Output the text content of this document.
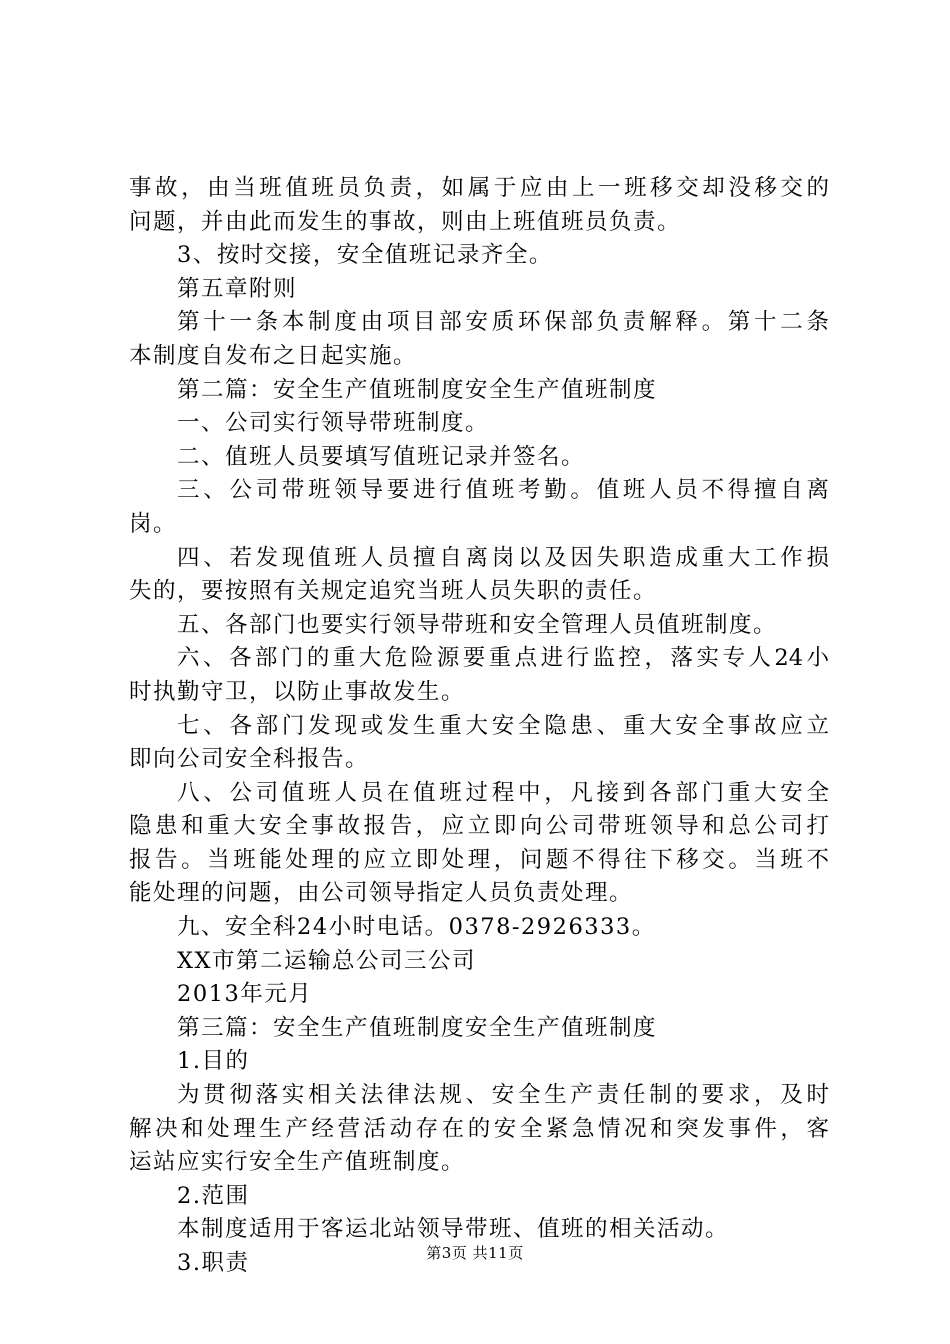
事故，由当班值班员负责，如属于应由上一班移交却没移交的
问题，并由此而发生的事故，则由上班值班员负责。
3、按时交接，安全值班记录齐全。
第五章附则
第十一条本制度由项目部安质环保部负责解释。第十二条
本制度自发布之日起实施。
第二篇：安全生产值班制度安全生产值班制度
一、公司实行领导带班制度。
二、值班人员要填写值班记录并签名。
三、公司带班领导要进行值班考勤。值班人员不得擅自离
岗。
四、若发现值班人员擅自离岗以及因失职造成重大工作损
失的，要按照有关规定追究当班人员失职的责任。
五、各部门也要实行领导带班和安全管理人员值班制度。
六、各部门的重大危险源要重点进行监控，落实专人24小
时执勤守卫，以防止事故发生。
七、各部门发现或发生重大安全隐患、重大安全事故应立
即向公司安全科报告。
八、公司值班人员在值班过程中，凡接到各部门重大安全
隐患和重大安全事故报告，应立即向公司带班领导和总公司打
报告。当班能处理的应立即处理，问题不得往下移交。当班不
能处理的问题，由公司领导指定人员负责处理。
九、安全科24小时电话。0378-2926333。
XX市第二运输总公司三公司
2013年元月
第三篇：安全生产值班制度安全生产值班制度
1.目的
为贯彻落实相关法律法规、安全生产责任制的要求，及时
解决和处理生产经营活动存在的安全紧急情况和突发事件，客
运站应实行安全生产值班制度。
2.范围
本制度适用于客运北站领导带班、值班的相关活动。
3.职责	第3页 共11页
